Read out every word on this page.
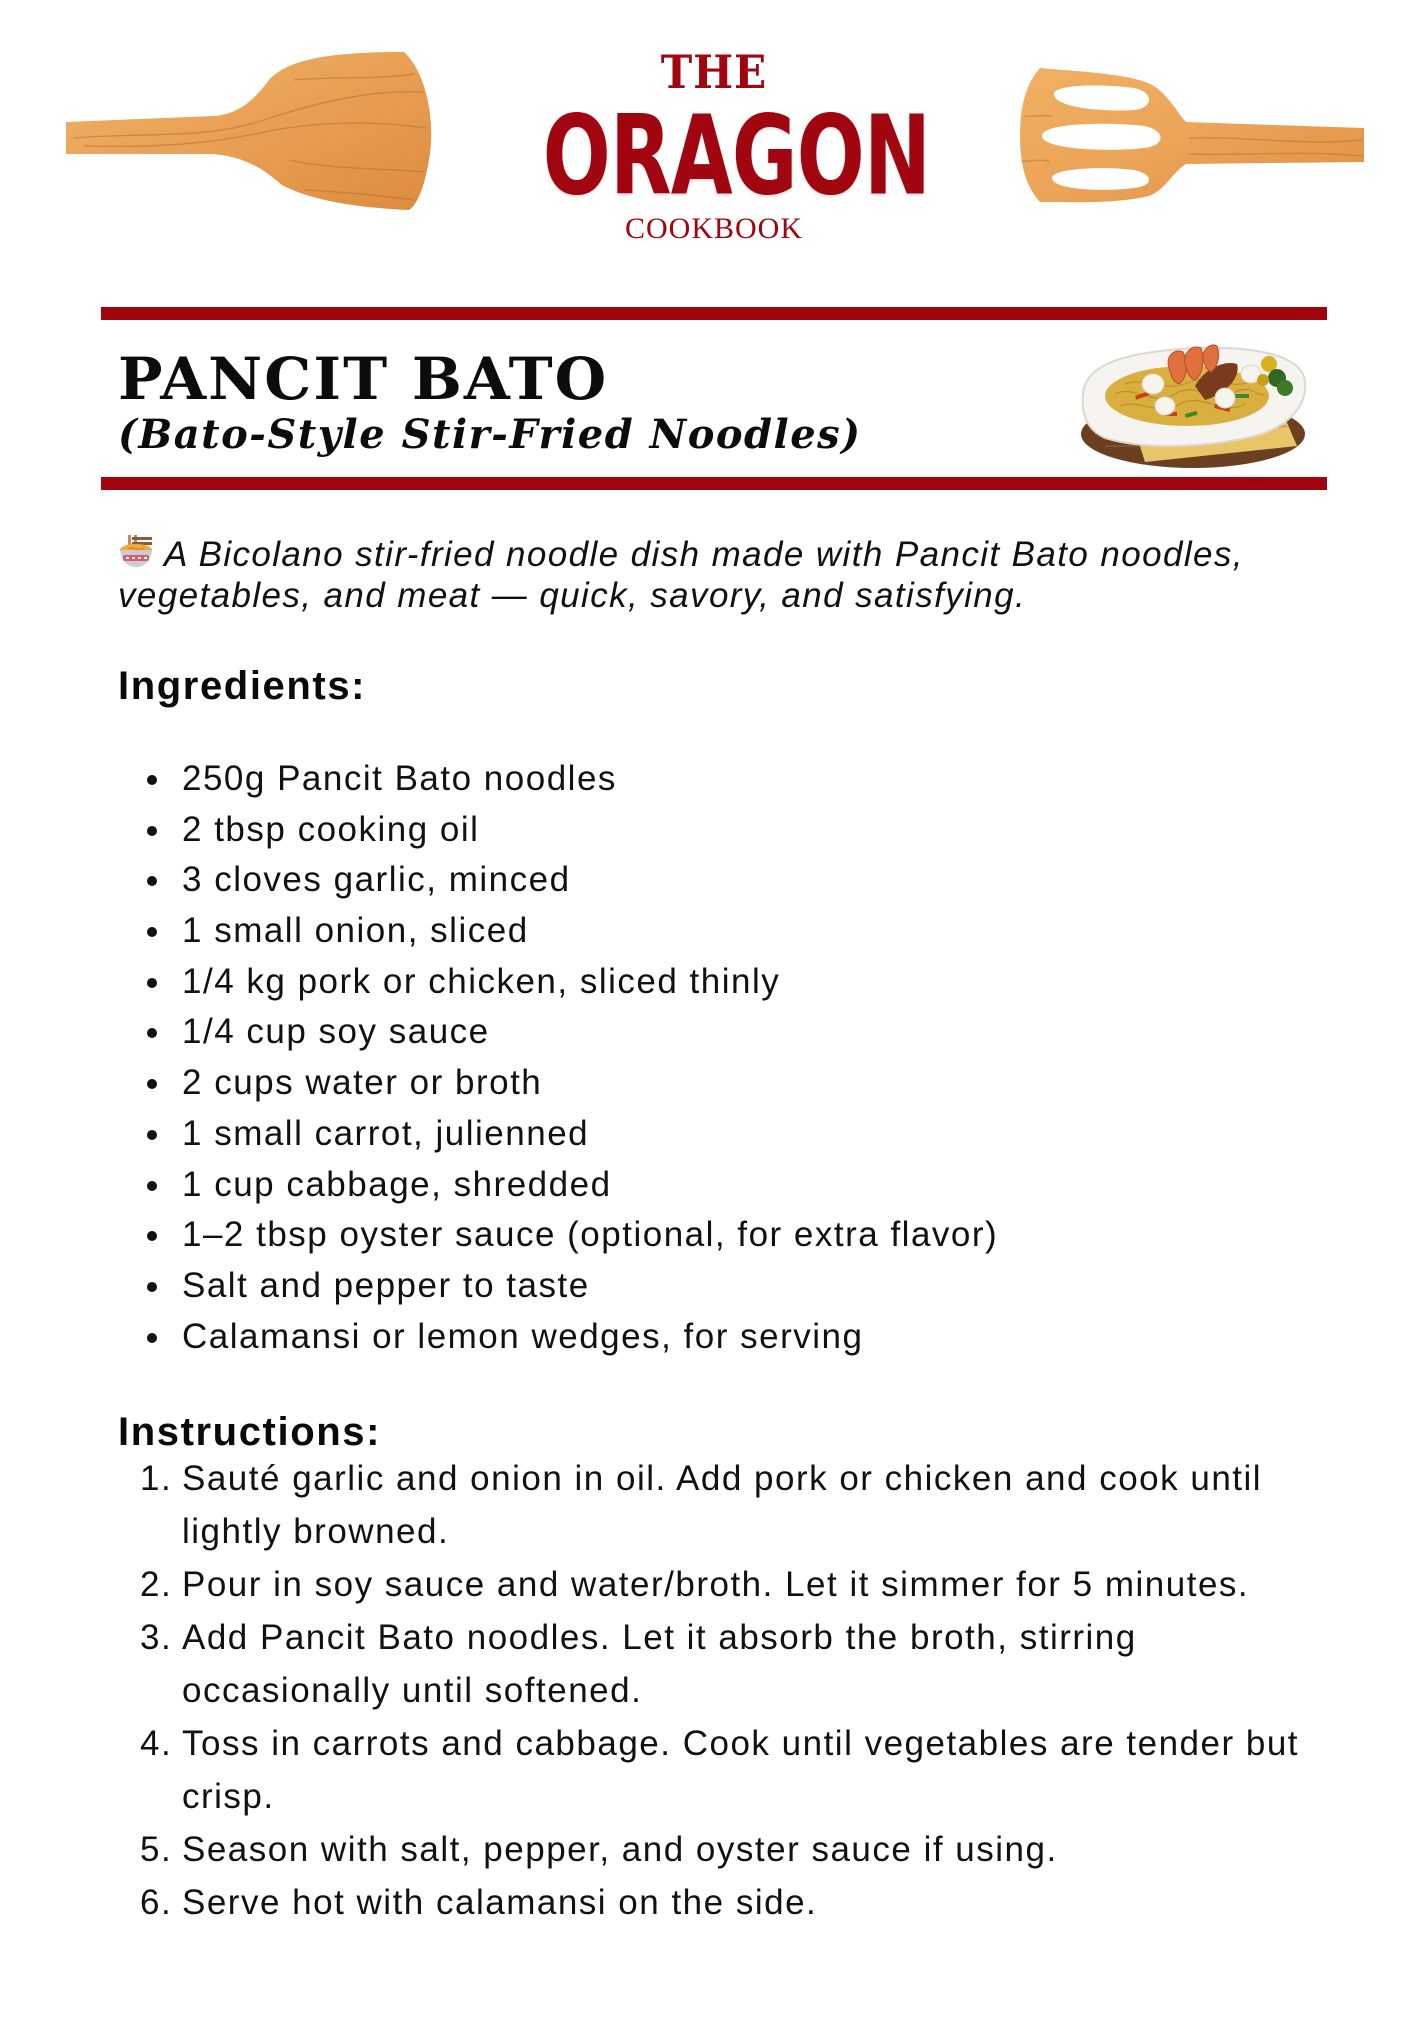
THE
ORAGON
COOKBOOK
PANCIT BATO
(Bato-Style Stir-Fried Noodles)
A Bicolano stir-fried noodle dish made with Pancit Bato noodles, vegetables, and meat — quick, savory, and satisfying.
Ingredients:
250g Pancit Bato noodles
2 tbsp cooking oil
3 cloves garlic, minced
1 small onion, sliced
1/4 kg pork or chicken, sliced thinly
1/4 cup soy sauce
2 cups water or broth
1 small carrot, julienned
1 cup cabbage, shredded
1–2 tbsp oyster sauce (optional, for extra flavor)
Salt and pepper to taste
Calamansi or lemon wedges, for serving
Instructions:
1. Sauté garlic and onion in oil. Add pork or chicken and cook until lightly browned.
2. Pour in soy sauce and water/broth. Let it simmer for 5 minutes.
3. Add Pancit Bato noodles. Let it absorb the broth, stirring occasionally until softened.
4. Toss in carrots and cabbage. Cook until vegetables are tender but crisp.
5. Season with salt, pepper, and oyster sauce if using.
6. Serve hot with calamansi on the side.
